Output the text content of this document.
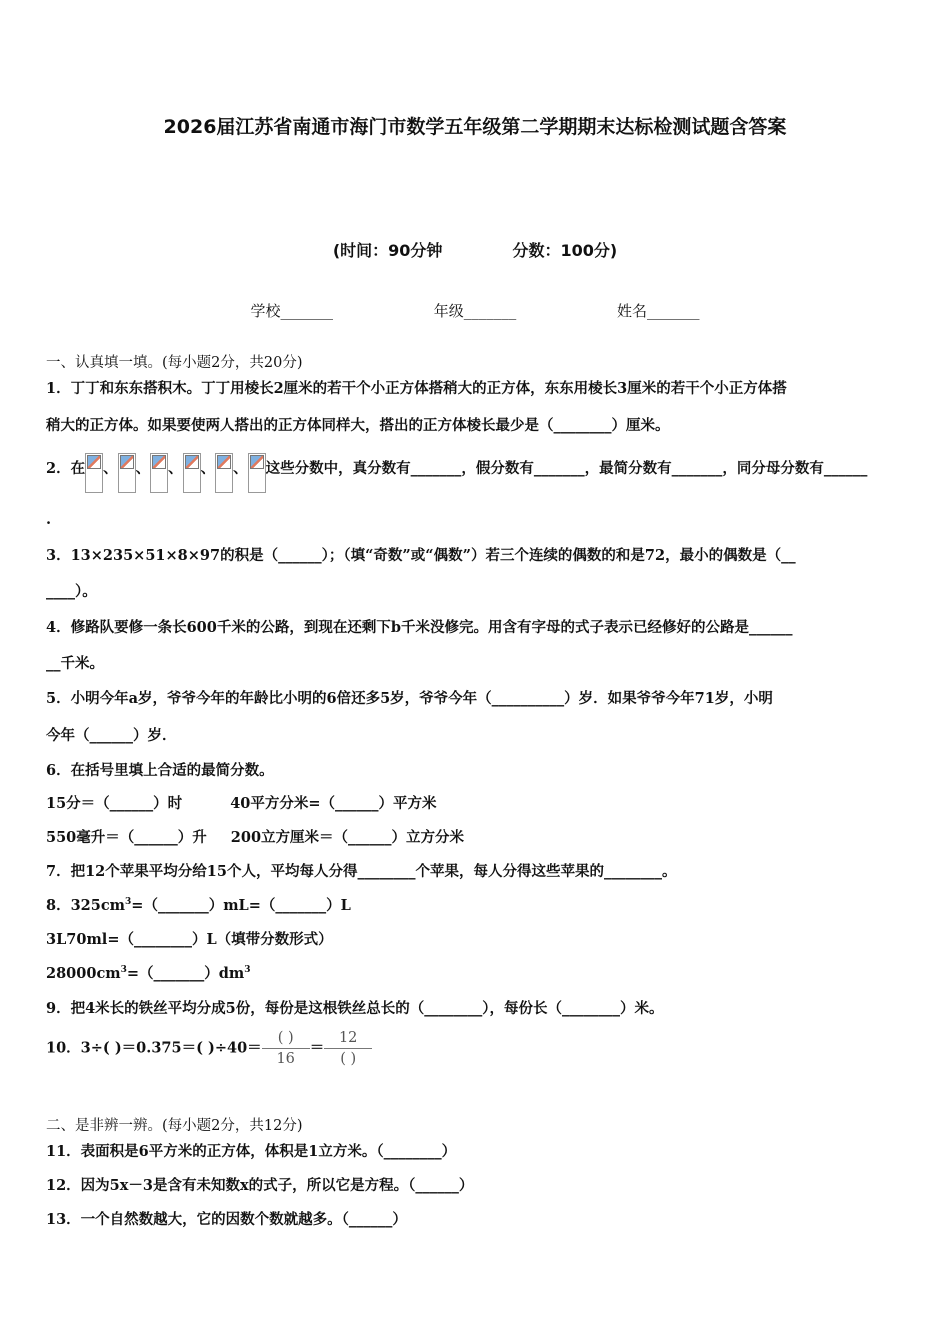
2026届江苏省南通市海门市数学五年级第二学期期末达标检测试题含答案
(时间：90分钟	分数：100分)
学校_______	年级_______	姓名_______
一、认真填一填。(每小题2分，共20分)
1．丁丁和东东搭积木。丁丁用棱长2厘米的若干个小正方体搭稍大的正方体，东东用棱长3厘米的若干个小正方体搭
稍大的正方体。如果要使两人搭出的正方体同样大，搭出的正方体棱长最少是（________）厘米。
2．在 、 、 、 、 、 这些分数中，真分数有_______，假分数有_______，最简分数有_______，同分母分数有______
.
3．13×235×51×8×97的积是（______）；（填“奇数”或“偶数”）若三个连续的偶数的和是72，最小的偶数是（__
____）。
4．修路队要修一条长600千米的公路，到现在还剩下b千米没修完。用含有字母的式子表示已经修好的公路是______
__千米。
5．小明今年a岁，爷爷今年的年龄比小明的6倍还多5岁，爷爷今年（__________）岁．如果爷爷今年71岁，小明
今年（______）岁．
6．在括号里填上合适的最简分数。
15分＝（______）时	40平方分米=（______）平方米
550毫升＝（______）升 200立方厘米＝（______）立方分米
7．把12个苹果平均分给15个人，平均每人分得________个苹果，每人分得这些苹果的________。
8．$325cm^3=(\_\_\_\_\_\_\_)mL=(\_\_\_\_\_\_\_)L$
3L70ml=（________）L（填带分数形式）
$28000cm^3=(\_\_\_\_\_\_\_)dm^3$
9．把4米长的铁丝平均分成5份，每份是这根铁丝总长的（________），每份长（________）米。
10．3÷( )＝0.375＝( )$\div 40= \frac{( )}{16} = \frac{12}{( )}$
二、是非辨一辨。(每小题2分，共12分)
11．表面积是6平方米的正方体，体积是1立方米。（________）
12．因为5x－3是含有未知数x的式子，所以它是方程。（______）
13．一个自然数越大，它的因数个数就越多。（______）
